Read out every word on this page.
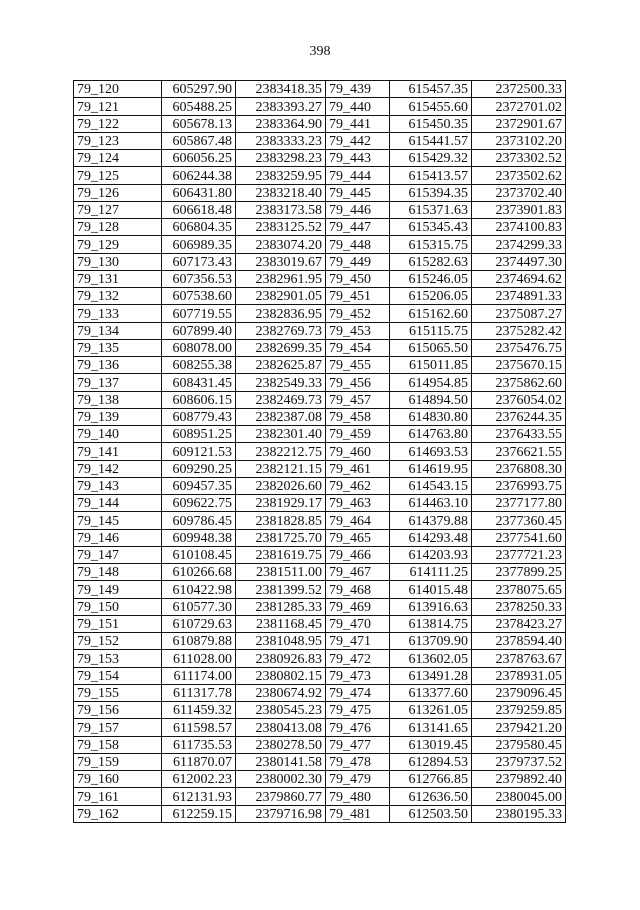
398
79_120	605297.90	2383418.35	79_439	615457.35	2372500.33
79_121	605488.25	2383393.27	79_440	615455.60	2372701.02
79_122	605678.13	2383364.90	79_441	615450.35	2372901.67
79_123	605867.48	2383333.23	79_442	615441.57	2373102.20
79_124	606056.25	2383298.23	79_443	615429.32	2373302.52
79_125	606244.38	2383259.95	79_444	615413.57	2373502.62
79_126	606431.80	2383218.40	79_445	615394.35	2373702.40
79_127	606618.48	2383173.58	79_446	615371.63	2373901.83
79_128	606804.35	2383125.52	79_447	615345.43	2374100.83
79_129	606989.35	2383074.20	79_448	615315.75	2374299.33
79_130	607173.43	2383019.67	79_449	615282.63	2374497.30
79_131	607356.53	2382961.95	79_450	615246.05	2374694.62
79_132	607538.60	2382901.05	79_451	615206.05	2374891.33
79_133	607719.55	2382836.95	79_452	615162.60	2375087.27
79_134	607899.40	2382769.73	79_453	615115.75	2375282.42
79_135	608078.00	2382699.35	79_454	615065.50	2375476.75
79_136	608255.38	2382625.87	79_455	615011.85	2375670.15
79_137	608431.45	2382549.33	79_456	614954.85	2375862.60
79_138	608606.15	2382469.73	79_457	614894.50	2376054.02
79_139	608779.43	2382387.08	79_458	614830.80	2376244.35
79_140	608951.25	2382301.40	79_459	614763.80	2376433.55
79_141	609121.53	2382212.75	79_460	614693.53	2376621.55
79_142	609290.25	2382121.15	79_461	614619.95	2376808.30
79_143	609457.35	2382026.60	79_462	614543.15	2376993.75
79_144	609622.75	2381929.17	79_463	614463.10	2377177.80
79_145	609786.45	2381828.85	79_464	614379.88	2377360.45
79_146	609948.38	2381725.70	79_465	614293.48	2377541.60
79_147	610108.45	2381619.75	79_466	614203.93	2377721.23
79_148	610266.68	2381511.00	79_467	614111.25	2377899.25
79_149	610422.98	2381399.52	79_468	614015.48	2378075.65
79_150	610577.30	2381285.33	79_469	613916.63	2378250.33
79_151	610729.63	2381168.45	79_470	613814.75	2378423.27
79_152	610879.88	2381048.95	79_471	613709.90	2378594.40
79_153	611028.00	2380926.83	79_472	613602.05	2378763.67
79_154	611174.00	2380802.15	79_473	613491.28	2378931.05
79_155	611317.78	2380674.92	79_474	613377.60	2379096.45
79_156	611459.32	2380545.23	79_475	613261.05	2379259.85
79_157	611598.57	2380413.08	79_476	613141.65	2379421.20
79_158	611735.53	2380278.50	79_477	613019.45	2379580.45
79_159	611870.07	2380141.58	79_478	612894.53	2379737.52
79_160	612002.23	2380002.30	79_479	612766.85	2379892.40
79_161	612131.93	2379860.77	79_480	612636.50	2380045.00
79_162	612259.15	2379716.98	79_481	612503.50	2380195.33
